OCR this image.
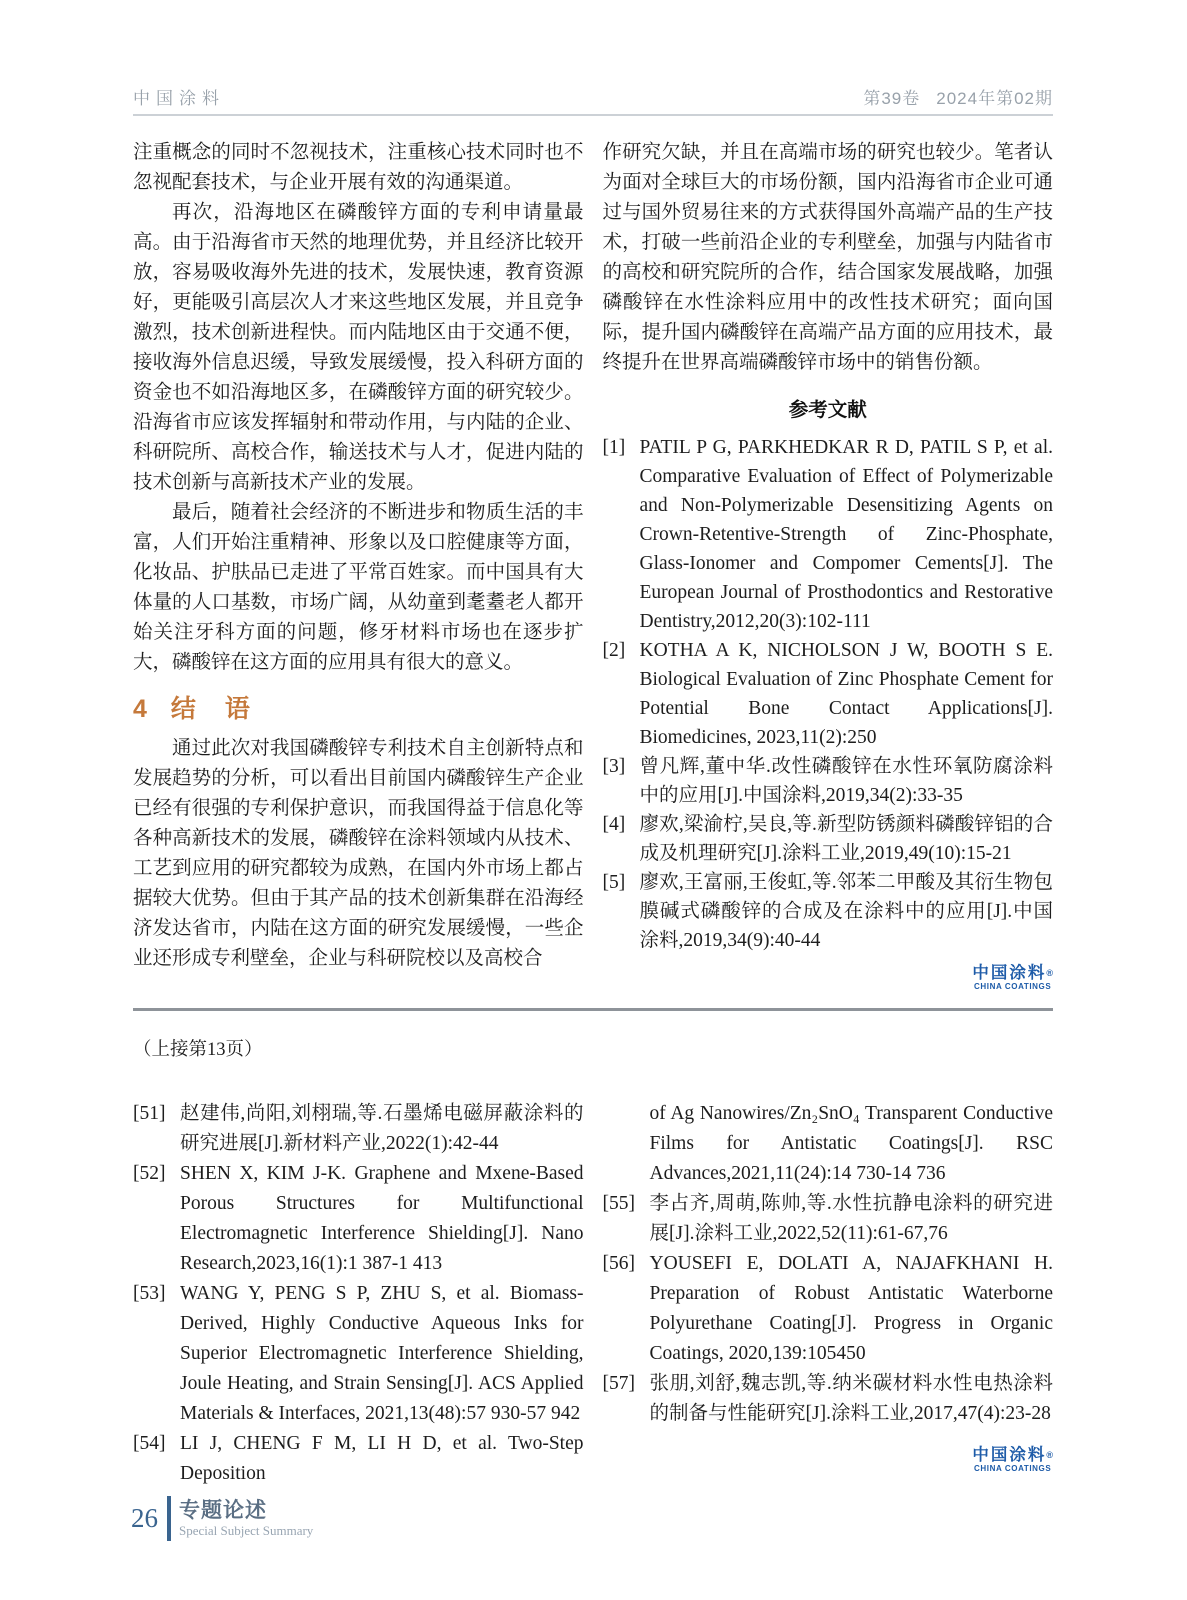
中国涂料	第39卷 2024年第02期

注重概念的同时不忽视技术，注重核心技术同时也不忽视配套技术，与企业开展有效的沟通渠道。

再次，沿海地区在磷酸锌方面的专利申请量最高。由于沿海省市天然的地理优势，并且经济比较开放，容易吸收海外先进的技术，发展快速，教育资源好，更能吸引高层次人才来这些地区发展，并且竞争激烈，技术创新进程快。而内陆地区由于交通不便，接收海外信息迟缓，导致发展缓慢，投入科研方面的资金也不如沿海地区多，在磷酸锌方面的研究较少。沿海省市应该发挥辐射和带动作用，与内陆的企业、科研院所、高校合作，输送技术与人才，促进内陆的技术创新与高新技术产业的发展。

最后，随着社会经济的不断进步和物质生活的丰富，人们开始注重精神、形象以及口腔健康等方面，化妆品、护肤品已走进了平常百姓家。而中国具有大体量的人口基数，市场广阔，从幼童到耄耋老人都开始关注牙科方面的问题，修牙材料市场也在逐步扩大，磷酸锌在这方面的应用具有很大的意义。

4 结　语

通过此次对我国磷酸锌专利技术自主创新特点和发展趋势的分析，可以看出目前国内磷酸锌生产企业已经有很强的专利保护意识，而我国得益于信息化等各种高新技术的发展，磷酸锌在涂料领域内从技术、工艺到应用的研究都较为成熟，在国内外市场上都占据较大优势。但由于其产品的技术创新集群在沿海经济发达省市，内陆在这方面的研究发展缓慢，一些企业还形成专利壁垒，企业与科研院校以及高校合

作研究欠缺，并且在高端市场的研究也较少。笔者认为面对全球巨大的市场份额，国内沿海省市企业可通过与国外贸易往来的方式获得国外高端产品的生产技术，打破一些前沿企业的专利壁垒，加强与内陆省市的高校和研究院所的合作，结合国家发展战略，加强磷酸锌在水性涂料应用中的改性技术研究；面向国际，提升国内磷酸锌在高端产品方面的应用技术，最终提升在世界高端磷酸锌市场中的销售份额。

参考文献
[1] PATIL P G, PARKHEDKAR R D, PATIL S P, et al. Comparative Evaluation of Effect of Polymerizable and Non-Polymerizable Desensitizing Agents on Crown-Retentive-Strength of Zinc-Phosphate, Glass-Ionomer and Compomer Cements[J]. The European Journal of Prosthodontics and Restorative Dentistry,2012,20(3):102-111
[2] KOTHA A K, NICHOLSON J W, BOOTH S E. Biological Evaluation of Zinc Phosphate Cement for Potential Bone Contact Applications[J]. Biomedicines, 2023,11(2):250
[3] 曾凡辉,董中华.改性磷酸锌在水性环氧防腐涂料中的应用[J].中国涂料,2019,34(2):33-35
[4] 廖欢,梁渝柠,吴良,等.新型防锈颜料磷酸锌铝的合成及机理研究[J].涂料工业,2019,49(10):15-21
[5] 廖欢,王富丽,王俊虹,等.邻苯二甲酸及其衍生物包膜碱式磷酸锌的合成及在涂料中的应用[J].中国涂料,2019,34(9):40-44
中国涂料®
CHINA COATINGS
（上接第13页）
[51] 赵建伟,尚阳,刘栩瑞,等.石墨烯电磁屏蔽涂料的研究进展[J].新材料产业,2022(1):42-44
[52] SHEN X, KIM J-K. Graphene and Mxene-Based Porous Structures for Multifunctional Electromagnetic Interference Shielding[J]. Nano Research,2023,16(1):1 387-1 413
[53] WANG Y, PENG S P, ZHU S, et al. Biomass-Derived, Highly Conductive Aqueous Inks for Superior Electromagnetic Interference Shielding, Joule Heating, and Strain Sensing[J]. ACS Applied Materials & Interfaces, 2021,13(48):57 930-57 942
[54] LI J, CHENG F M, LI H D, et al. Two-Step Deposition
of Ag Nanowires/Zn₂SnO₄ Transparent Conductive Films for Antistatic Coatings[J]. RSC Advances,2021,11(24):14 730-14 736
[55] 李占齐,周萌,陈帅,等.水性抗静电涂料的研究进展[J].涂料工业,2022,52(11):61-67,76
[56] YOUSEFI E, DOLATI A, NAJAFKHANI H. Preparation of Robust Antistatic Waterborne Polyurethane Coating[J]. Progress in Organic Coatings, 2020,139:105450
[57] 张朋,刘舒,魏志凯,等.纳米碳材料水性电热涂料的制备与性能研究[J].涂料工业,2017,47(4):23-28
中国涂料®
CHINA COATINGS
26 专题论述
Special Subject Summary
